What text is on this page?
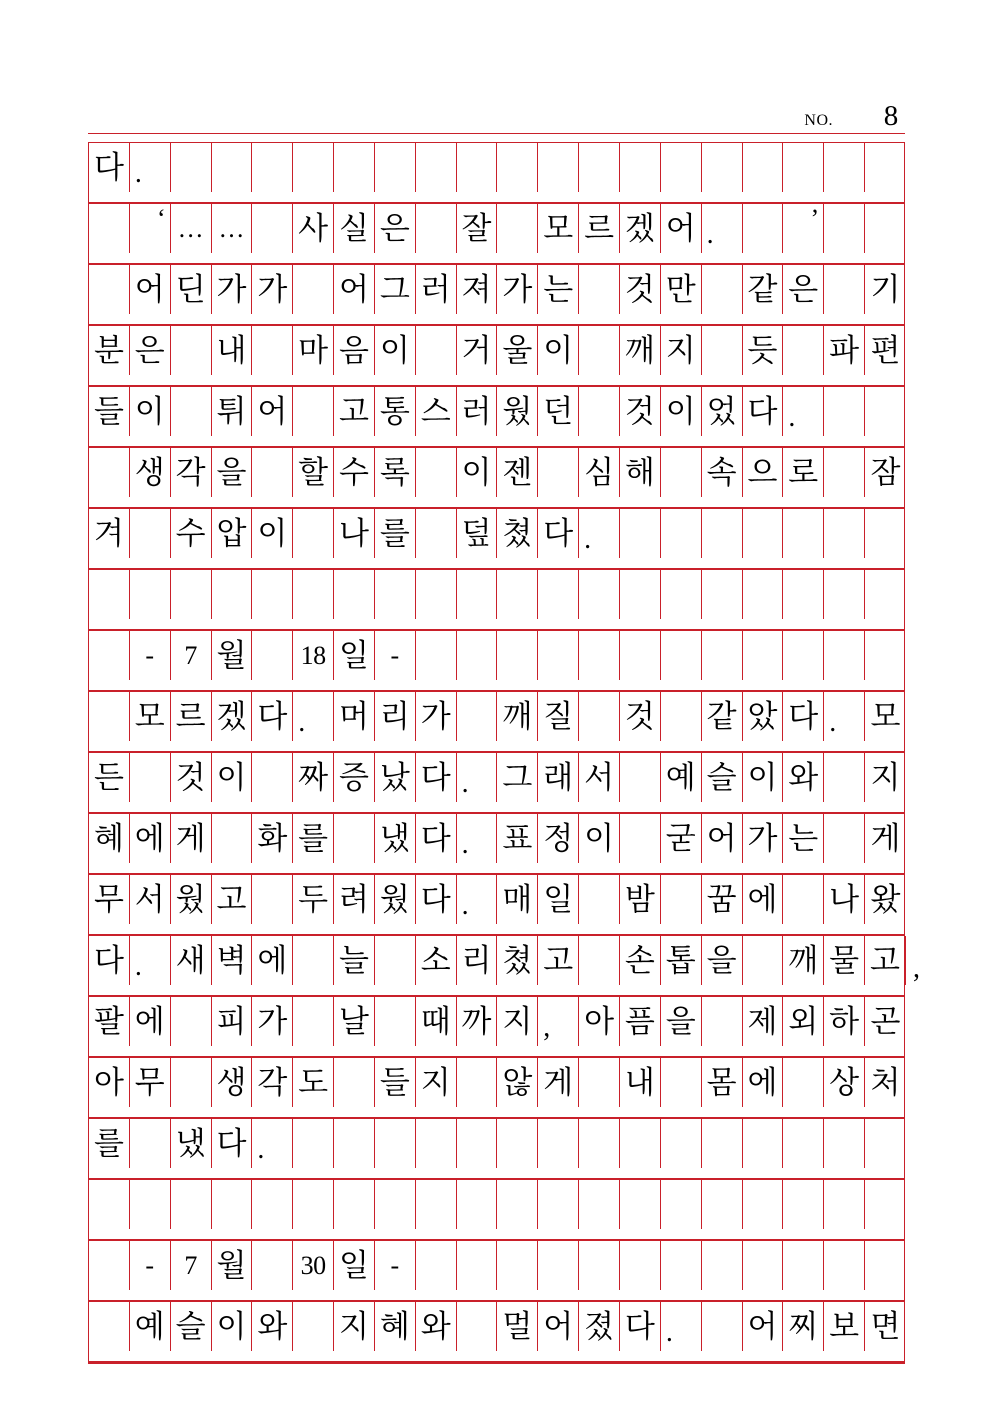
NO. 8
다 .
‘ … … 사 실 은 잘 모 르 겠 어 .
’
어 딘 가 가 어 그 러 져 가 는 것 만 같 은 기
분 은 내 마 음 이 거 울 이 깨 지 듯 파 편
들 이 튀 어 고 통 스 러 웠 던 것 이 었 다 .
생 각 을 할 수 록 이 젠 심 해 속 으 로 잠
겨 수 압 이 나 를 덮 쳤 다 .
-	7 월 18 일 -
모 르 겠 다 .	머 리 가 깨 질 것 같 았 다 .	모
든 것 이 짜 증 났 다 .	그 래 서 예 슬 이 와 지
혜 에 게 화 를 냈 다 .	표 정 이 굳 어 가 는 게
무 서 웠 고 두 려 웠 다 .	매 일 밤 꿈 에 나 왔
다 .	새 벽 에 늘 소 리 쳤 고 손 톱 을 깨 물 고 ,
팔 에 피 가 날 때 까 지 ,	아 픔 을 제 외 하 곤
아 무 생 각 도 들 지 않 게 내 몸 에 상 처
를 냈 다 .
-	7 월 30 일 -
예 슬 이 와 지 혜 와 멀 어 졌 다 .	어 찌 보 면
